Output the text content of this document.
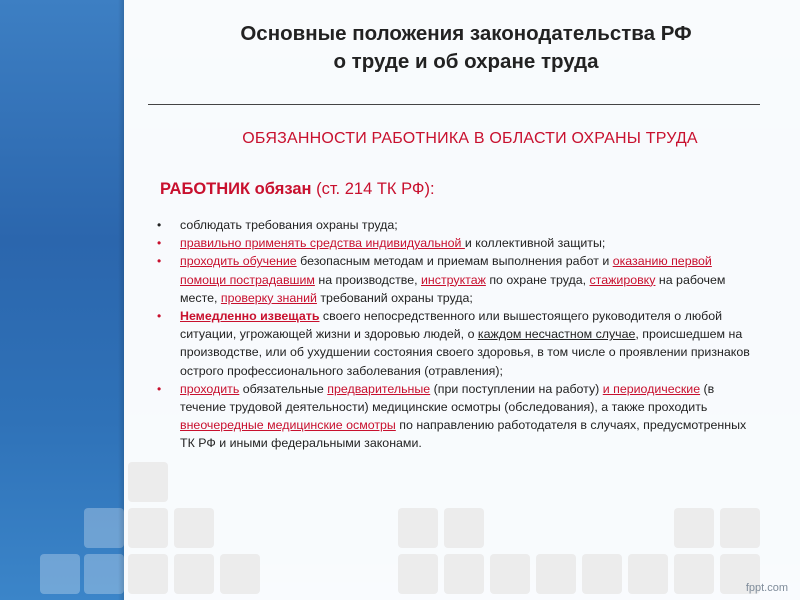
Основные положения законодательства РФ
о труде и об охране труда
ОБЯЗАННОСТИ РАБОТНИКА В ОБЛАСТИ ОХРАНЫ ТРУДА
РАБОТНИК обязан (ст. 214 ТК РФ):
• соблюдать требования охраны труда;
• правильно применять средства индивидуальной и коллективной защиты;
• проходить обучение безопасным методам и приемам выполнения работ и оказанию первой помощи пострадавшим на производстве, инструктаж по охране труда, стажировку на рабочем месте, проверку знаний требований охраны труда;
• Немедленно извещать своего непосредственного или вышестоящего руководителя о любой ситуации, угрожающей жизни и здоровью людей, о каждом несчастном случае, происшедшем на производстве, или об ухудшении состояния своего здоровья, в том числе о проявлении признаков острого профессионального заболевания (отравления);
• проходить обязательные предварительные (при поступлении на работу) и периодические (в течение трудовой деятельности) медицинские осмотры (обследования), а также проходить внеочередные медицинские осмотры по направлению работодателя в случаях, предусмотренных ТК РФ и иными федеральными законами.
fppt.com
